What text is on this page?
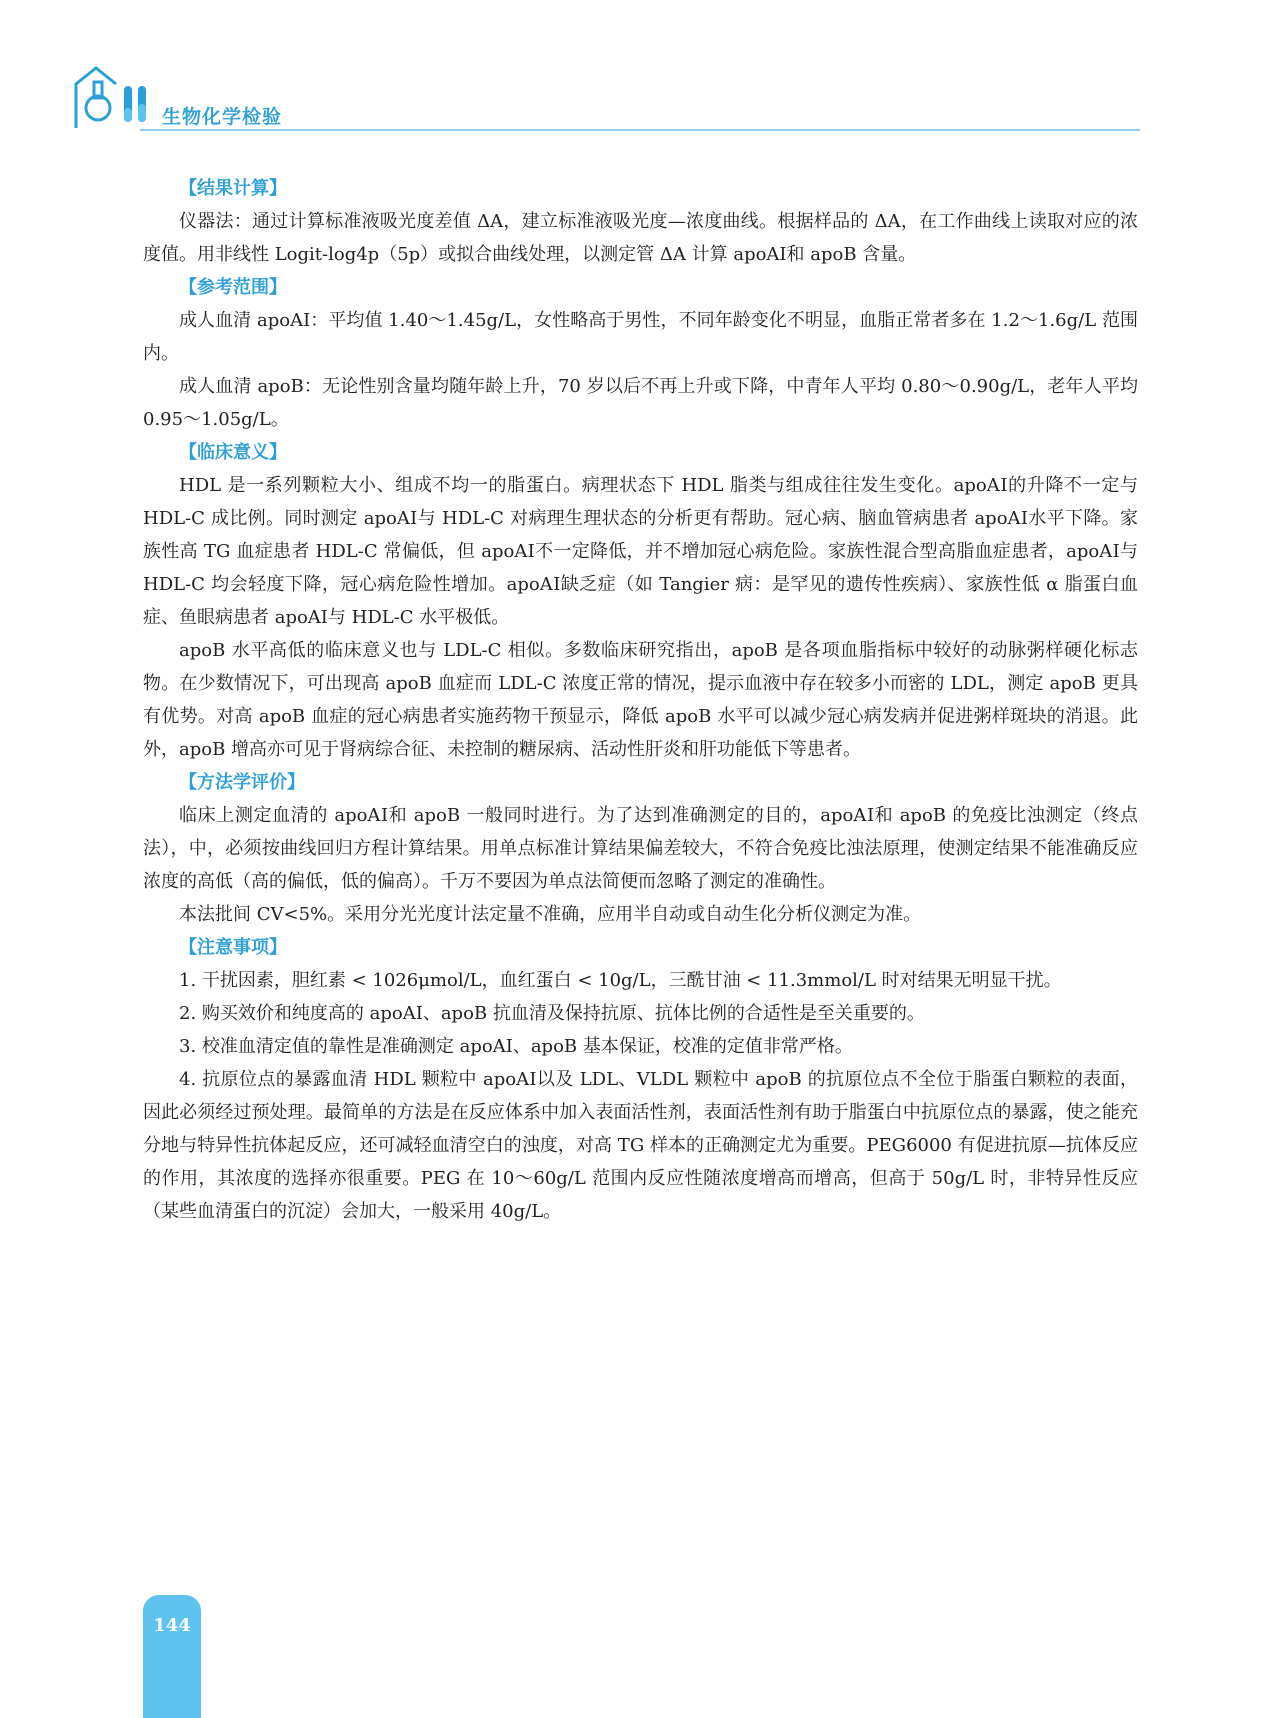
生物化学检验
【结果计算】

仪器法：通过计算标准液吸光度差值 ΔA，建立标准液吸光度—浓度曲线。根据样品的 ΔA，在工作曲线上读取对应的浓度值。用非线性 Logit-log4p（5p）或拟合曲线处理，以测定管 ΔA 计算 apoAⅠ和 apoB 含量。

【参考范围】

成人血清 apoAⅠ：平均值 1.40～1.45g/L，女性略高于男性，不同年龄变化不明显，血脂正常者多在 1.2～1.6g/L 范围内。

成人血清 apoB：无论性别含量均随年龄上升，70 岁以后不再上升或下降，中青年人平均 0.80～0.90g/L，老年人平均 0.95～1.05g/L。

【临床意义】

HDL 是一系列颗粒大小、组成不均一的脂蛋白。病理状态下 HDL 脂类与组成往往发生变化。apoAⅠ的升降不一定与 HDL-C 成比例。同时测定 apoAⅠ与 HDL-C 对病理生理状态的分析更有帮助。冠心病、脑血管病患者 apoAⅠ水平下降。家族性高 TG 血症患者 HDL-C 常偏低，但 apoAⅠ不一定降低，并不增加冠心病危险。家族性混合型高脂血症患者，apoAⅠ与 HDL-C 均会轻度下降，冠心病危险性增加。apoAⅠ缺乏症（如 Tangier 病：是罕见的遗传性疾病）、家族性低 α 脂蛋白血症、鱼眼病患者 apoAⅠ与 HDL-C 水平极低。

apoB 水平高低的临床意义也与 LDL-C 相似。多数临床研究指出，apoB 是各项血脂指标中较好的动脉粥样硬化标志物。在少数情况下，可出现高 apoB 血症而 LDL-C 浓度正常的情况，提示血液中存在较多小而密的 LDL，测定 apoB 更具有优势。对高 apoB 血症的冠心病患者实施药物干预显示，降低 apoB 水平可以减少冠心病发病并促进粥样斑块的消退。此外，apoB 增高亦可见于肾病综合征、未控制的糖尿病、活动性肝炎和肝功能低下等患者。

【方法学评价】

临床上测定血清的 apoAⅠ和 apoB 一般同时进行。为了达到准确测定的目的，apoAⅠ和 apoB 的免疫比浊测定（终点法），中，必须按曲线回归方程计算结果。用单点标准计算结果偏差较大，不符合免疫比浊法原理，使测定结果不能准确反应浓度的高低（高的偏低，低的偏高）。千万不要因为单点法简便而忽略了测定的准确性。

本法批间 CV<5%。采用分光光度计法定量不准确，应用半自动或自动生化分析仪测定为准。

【注意事项】

1. 干扰因素，胆红素 < 1026μmol/L，血红蛋白 < 10g/L，三酰甘油 < 11.3mmol/L 时对结果无明显干扰。

2. 购买效价和纯度高的 apoAⅠ、apoB 抗血清及保持抗原、抗体比例的合适性是至关重要的。

3. 校准血清定值的靠性是准确测定 apoAⅠ、apoB 基本保证，校准的定值非常严格。

4. 抗原位点的暴露血清 HDL 颗粒中 apoAⅠ以及 LDL、VLDL 颗粒中 apoB 的抗原位点不全位于脂蛋白颗粒的表面，因此必须经过预处理。最简单的方法是在反应体系中加入表面活性剂，表面活性剂有助于脂蛋白中抗原位点的暴露，使之能充分地与特异性抗体起反应，还可减轻血清空白的浊度，对高 TG 样本的正确测定尤为重要。PEG6000 有促进抗原—抗体反应的作用，其浓度的选择亦很重要。PEG 在 10～60g/L 范围内反应性随浓度增高而增高，但高于 50g/L 时，非特异性反应（某些血清蛋白的沉淀）会加大，一般采用 40g/L。

144
